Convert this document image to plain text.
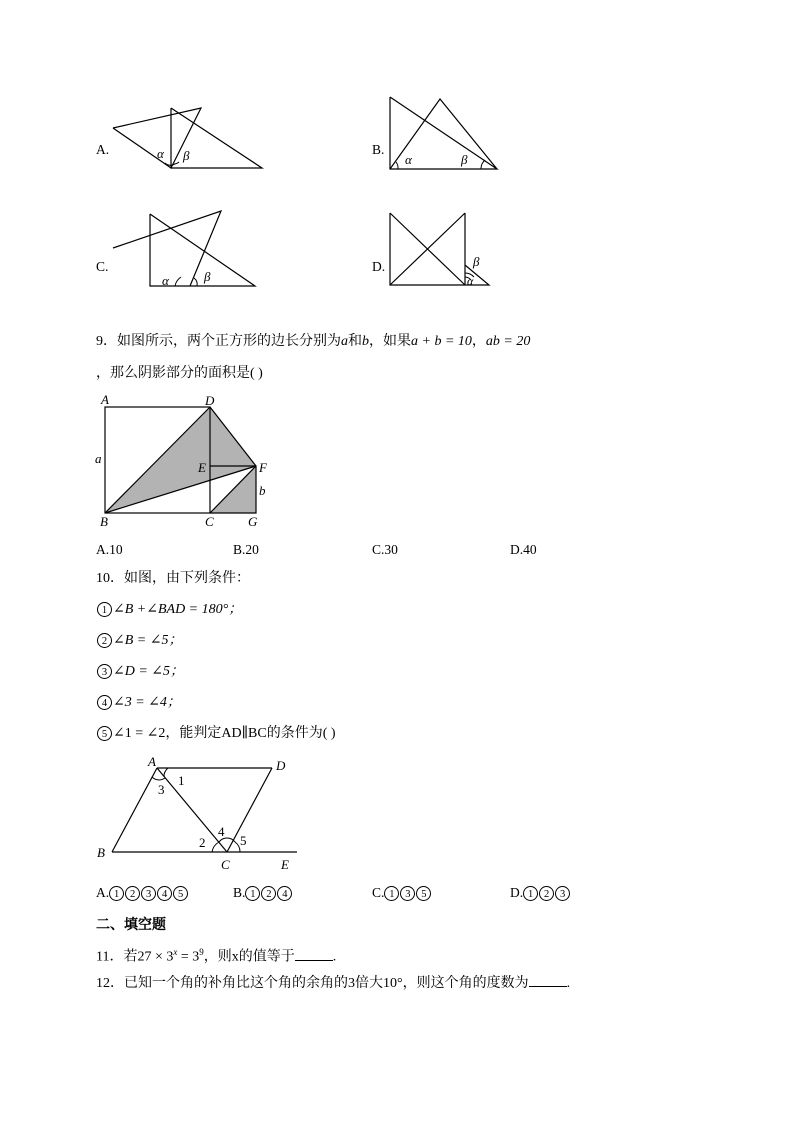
A.	α β	B.
α	β
C.
α	β
D.	β
α
9．如图所示，两个正方形的边长分别为a和b，如果a + b = 10，ab = 20
，那么阴影部分的面积是( )
A	D
a
E	F
b
B	C	G
A.10	B.20	C.30	D.40
10．如图，由下列条件：
1 ∠B +∠BAD = 180°；
2 ∠B = ∠5；
3 ∠D = ∠5；
4 ∠3 = ∠4；
5 ∠1 = ∠2，能判定AD∥BC的条件为( )
A	D
1
3
2
4
5
B
C	E
A. 1 2 3 4 5	B. 1 2 4	C. 1 3 5	D. 1 2 3
二、填空题
11．若$27 \times 3^x = 3^9$，则x的值等于	.
12．已知一个角的补角比这个角的余角的3倍大10°，则这个角的度数为	.
